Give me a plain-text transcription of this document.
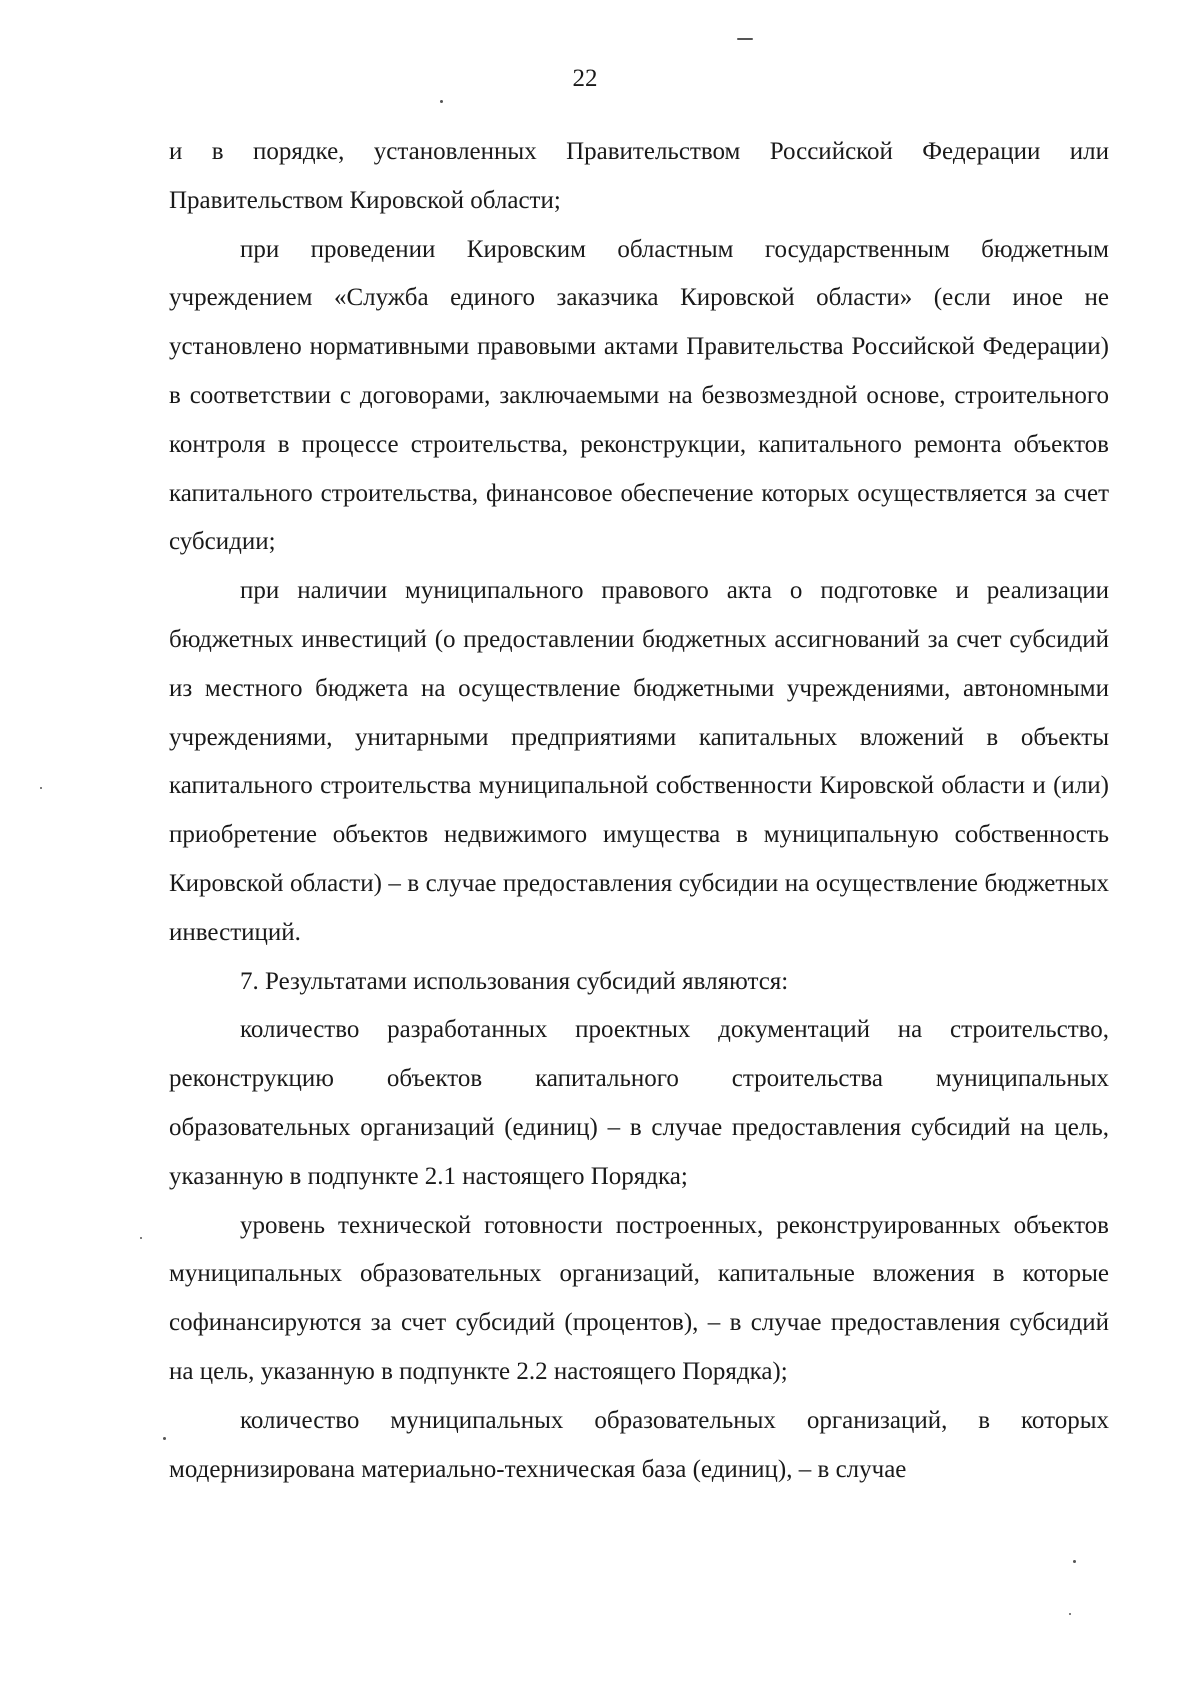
22

и в порядке, установленных Правительством Российской Федерации или Правительством Кировской области;

при проведении Кировским областным государственным бюджетным учреждением «Служба единого заказчика Кировской области» (если иное не установлено нормативными правовыми актами Правительства Российской Федерации) в соответствии с договорами, заключаемыми на безвозмездной основе, строительного контроля в процессе строительства, реконструкции, капитального ремонта объектов капитального строительства, финансовое обеспечение которых осуществляется за счет субсидии;

при наличии муниципального правового акта о подготовке и реализации бюджетных инвестиций (о предоставлении бюджетных ассигнований за счет субсидий из местного бюджета на осуществление бюджетными учреждениями, автономными учреждениями, унитарными предприятиями капитальных вложений в объекты капитального строительства муниципальной собственности Кировской области и (или) приобретение объектов недвижимого имущества в муниципальную собственность Кировской области) – в случае предоставления субсидии на осуществление бюджетных инвестиций.

7. Результатами использования субсидий являются:

количество разработанных проектных документаций на строительство, реконструкцию объектов капитального строительства муниципальных образовательных организаций (единиц) – в случае предоставления субсидий на цель, указанную в подпункте 2.1 настоящего Порядка;

уровень технической готовности построенных, реконструированных объектов муниципальных образовательных организаций, капитальные вложения в которые софинансируются за счет субсидий (процентов), – в случае предоставления субсидий на цель, указанную в подпункте 2.2 настоящего Порядка);

количество муниципальных образовательных организаций, в которых модернизирована материально-техническая база (единиц), – в случае
